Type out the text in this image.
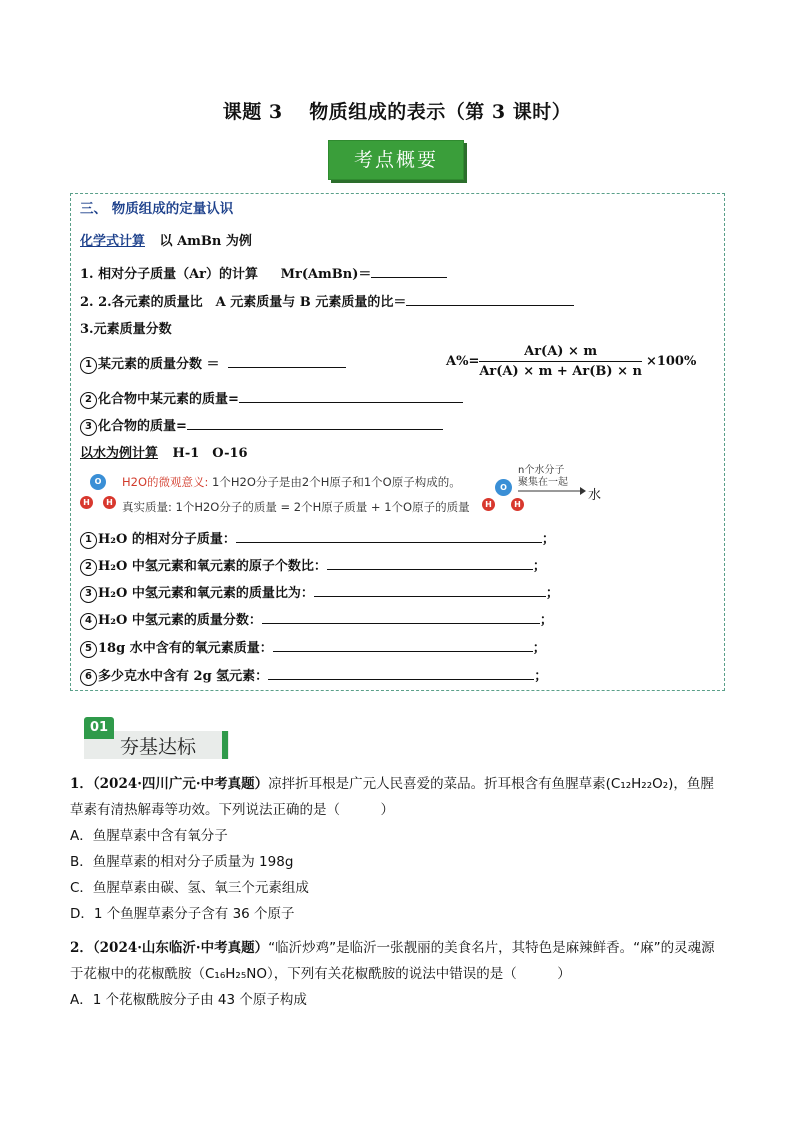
课题 3　 物质组成的表示（第 3 课时）
考点概要
三、 物质组成的定量认识
化学式计算 以 AmBn 为例
1. 相对分子质量（Ar）的计算 Mr(AmBn)＝
2. 2.各元素的质量比　A 元素质量与 B 元素质量的比＝
3.元素质量分数
1 某元素的质量分数 ＝	$A\%= \frac{Ar(A) \times m}{Ar(A) \times m + Ar(B) \times n} \times 100\%$
2 化合物中某元素的质量=
3 化合物的质量=
以水为例计算 H-1　O-16
O
H	H
H2O的微观意义: 1个H2O分子是由2个H原子和1个O原子构成的。
真实质量: 1个H2O分子的质量 = 2个H原子质量 + 1个O原子的质量
O
H	H
n个水分子
聚集在一起
水
1 H₂O 的相对分子质量：	；
2 H₂O 中氢元素和氧元素的原子个数比：	；
3 H₂O 中氢元素和氧元素的质量比为：	；
4 H₂O 中氢元素的质量分数：	；
5 18g 水中含有的氧元素质量：	；
6 多少克水中含有 2g 氢元素：	；
01
夯基达标
1．（2024·四川广元·中考真题）凉拌折耳根是广元人民喜爱的菜品。折耳根含有鱼腥草素(C₁₂H₂₂O₂)，鱼腥
草素有清热解毒等功效。下列说法正确的是（　　　）
A．鱼腥草素中含有氧分子
B．鱼腥草素的相对分子质量为 198g
C．鱼腥草素由碳、氢、氧三个元素组成
D．1 个鱼腥草素分子含有 36 个原子
2．（2024·山东临沂·中考真题）“临沂炒鸡”是临沂一张靓丽的美食名片，其特色是麻辣鲜香。“麻”的灵魂源
于花椒中的花椒酰胺（C₁₆H₂₅NO），下列有关花椒酰胺的说法中错误的是（　　　）
A．1 个花椒酰胺分子由 43 个原子构成
